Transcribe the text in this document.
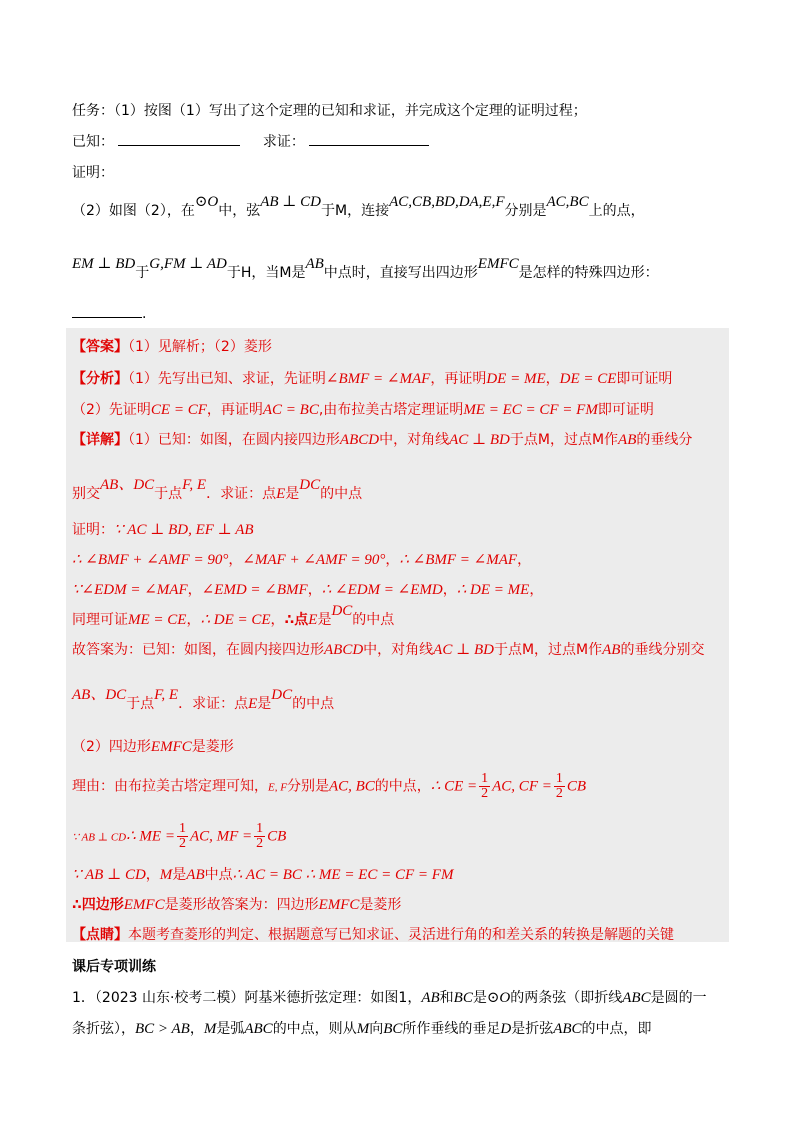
任务：（1）按图（1）写出了这个定理的已知和求证，并完成这个定理的证明过程；
已知：	求证：
证明：
（2）如图（2），在⊙O中，弦AB ⊥ CD于M，连接AC,CB,BD,DA,E,F分别是AC,BC上的点，
EM ⊥ BD于G,FM ⊥ AD于H，当M是AB中点时，直接写出四边形EMFC是怎样的特殊四边形：
.
【答案】（1）见解析；（2）菱形
【分析】（1）先写出已知、求证，先证明∠BMF = ∠MAF，再证明DE = ME，DE = CE即可证明
（2）先证明CE = CF，再证明AC = BC,由布拉美古塔定理证明ME = EC = CF = FM即可证明
【详解】（1）已知：如图，在圆内接四边形ABCD中，对角线AC ⊥ BD于点M，过点M作AB的垂线分
别交AB、DC于点F, E．求证：点E是DC的中点
证明：∵ AC ⊥ BD, EF ⊥ AB
∴ ∠BMF + ∠AMF = 90°，∠MAF + ∠AMF = 90°，∴ ∠BMF = ∠MAF，
∵∠EDM = ∠MAF，∠EMD = ∠BMF，∴ ∠EDM = ∠EMD，∴ DE = ME，
同理可证ME = CE，∴ DE = CE，∴点E是DC的中点
故答案为：已知：如图，在圆内接四边形ABCD中，对角线AC ⊥ BD于点M，过点M作AB的垂线分别交
AB、DC于点F, E．求证：点E是DC的中点
（2）四边形EMFC是菱形
理由：由布拉美古塔定理可知，E, F分别是AC, BC的中点，∴ CE = $\frac{1}{2}$ AC, CF = $\frac{1}{2}$ CB
∵ AB ⊥ CD∴ ME = $\frac{1}{2}$ AC, MF = $\frac{1}{2}$ CB
∵ AB ⊥ CD，M是AB中点∴ AC = BC ∴ ME = EC = CF = FM
∴四边形EMFC是菱形故答案为：四边形EMFC是菱形
【点睛】本题考查菱形的判定、根据题意写已知求证、灵活进行角的和差关系的转换是解题的关键
课后专项训练
1．（2023 山东·校考二模）阿基米德折弦定理：如图1，AB和BC是⊙O的两条弦（即折线ABC是圆的一
条折弦），BC > AB，M是弧ABC的中点，则从M向BC所作垂线的垂足D是折弦ABC的中点，即
